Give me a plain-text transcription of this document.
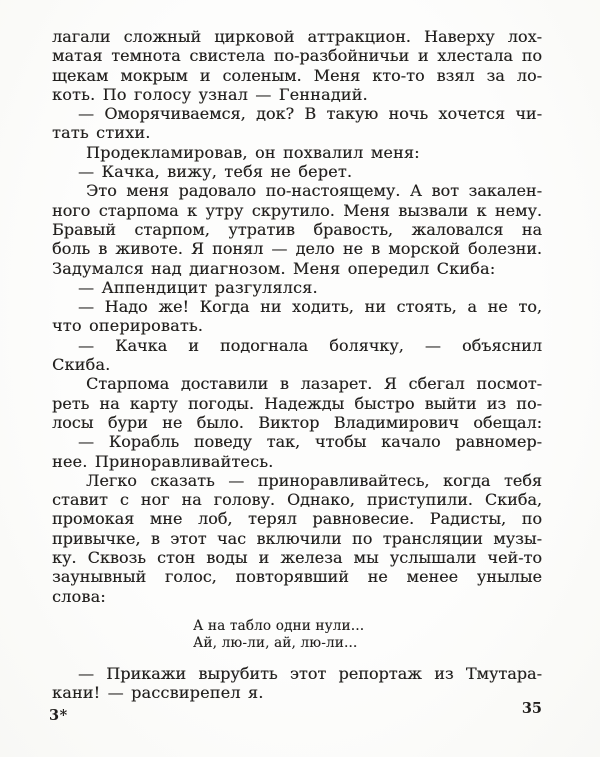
лагали сложный цирковой аттракцион. Наверху лох-
матая темнота свистела по-разбойничьи и хлестала по
щекам мокрым и соленым. Меня кто-то взял за ло-
коть. По голосу узнал — Геннадий.
— Оморячиваемся, док? В такую ночь хочется чи-
тать стихи.
Продекламировав, он похвалил меня:
— Качка, вижу, тебя не берет.
Это меня радовало по-настоящему. А вот закален-
ного старпома к утру скрутило. Меня вызвали к нему.
Бравый старпом, утратив бравость, жаловался на
боль в животе. Я понял — дело не в морской болезни.
Задумался над диагнозом. Меня опередил Скиба:
— Аппендицит разгулялся.
— Надо же! Когда ни ходить, ни стоять, а не то,
что оперировать.
— Качка и подогнала болячку, — объяснил
Скиба.
Старпома доставили в лазарет. Я сбегал посмот-
реть на карту погоды. Надежды быстро выйти из по-
лосы бури не было. Виктор Владимирович обещал:
— Корабль поведу так, чтобы качало равномер-
нее. Приноравливайтесь.
Легко сказать — приноравливайтесь, когда тебя
ставит с ног на голову. Однако, приступили. Скиба,
промокая мне лоб, терял равновесие. Радисты, по
привычке, в этот час включили по трансляции музы-
ку. Сквозь стон воды и железа мы услышали чей-то
заунывный голос, повторявший не менее унылые
слова:
А на табло одни нули...
Ай, лю-ли, ай, лю-ли...
— Прикажи вырубить этот репортаж из Тмутара-
кани! — рассвирепел я.
3*	35
